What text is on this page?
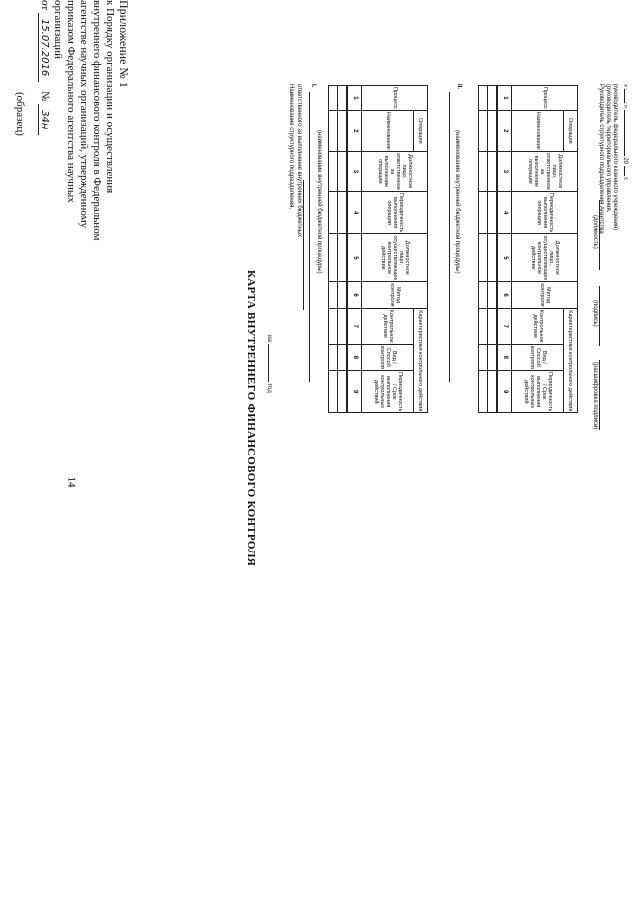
14
Приложение № 1
к Порядку организации и осуществления
внутреннего финансового контроля в Федеральном
агентстве научных организаций, утвержденному
приказом Федерального агентства научных
организаций
от 15.07.2016 № 34н
(образец)
КАРТА ВНУТРЕННЕГО ФИНАНСОВОГО КОНТРОЛЯ на  год
Наименование структурного подразделения, ответственного за выполнение внутренних бюджетных I.
(наименование внутренней бюджетной процедуры)
Процесс	Операция	Должностное лицо, ответственное за выполнение операции	Периодичность выполнения операции	Должностное лицо, осуществляющее контрольное действие	Метод контроля	Характеристики контрольного действия		
	Наименование					Контрольное действие	Вид / Способ контроля	Периодичность / Срок выполнения контрольных действий
1	2	3	4	5	6	7	8	9

II.
(наименование внутренней бюджетной процедуры)
Процесс	Операция	Должностное лицо, ответственное за выполнение операции	Периодичность выполнения операции	Должностное лицо, осуществляющее контрольное действие	Метод контроля	Характеристики контрольного действия		
	Наименование					Контрольное действие	Вид / Способ контроля	Периодичность / Срок выполнения контрольных действий
1	2	3	4	5	6	7	8	9

Руководитель структурного подразделения Агентства (руководитель территориального управления, руководитель федерального казенного учреждения)
(должность)
(подпись)
(расшифровка подписи)
«  »  20  г.
